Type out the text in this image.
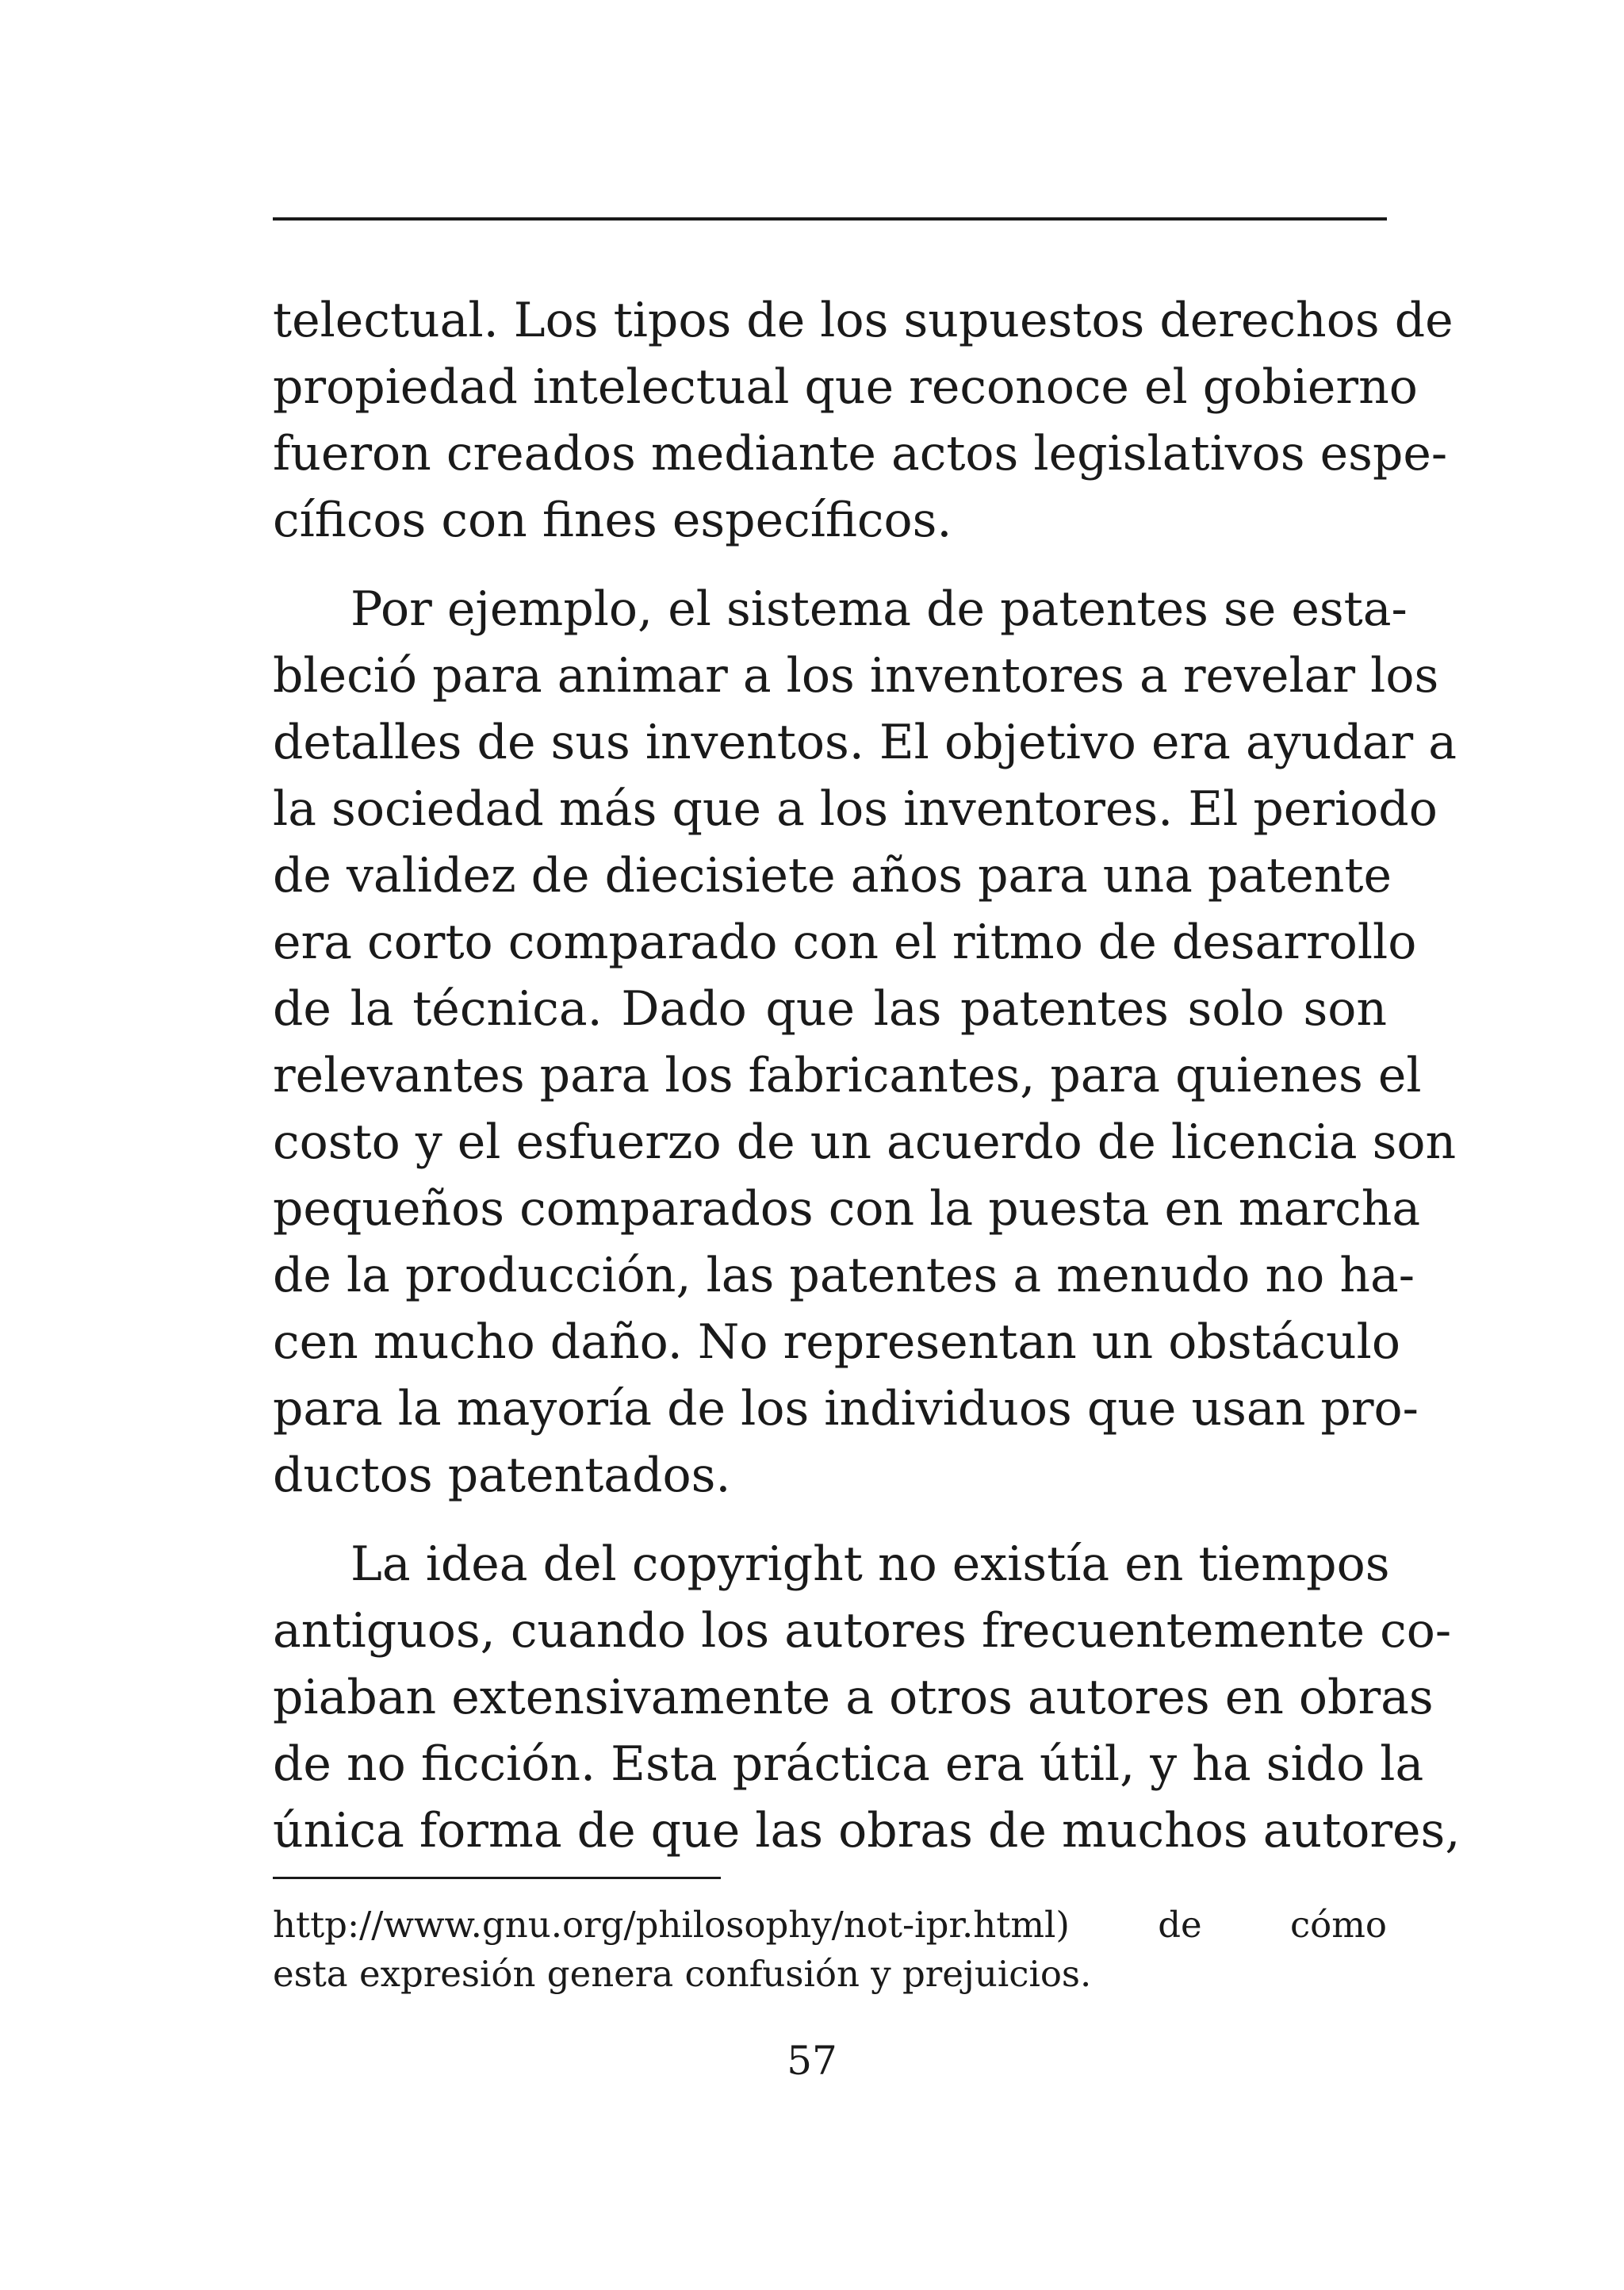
telectual. Los tipos de los supuestos derechos de
propiedad intelectual que reconoce el gobierno
fueron creados mediante actos legislativos espe-
cíficos con fines específicos.
Por ejemplo, el sistema de patentes se esta-
bleció para animar a los inventores a revelar los
detalles de sus inventos. El objetivo era ayudar a
la sociedad más que a los inventores. El periodo
de validez de diecisiete años para una patente
era corto comparado con el ritmo de desarrollo
de la técnica. Dado que las patentes solo son
relevantes para los fabricantes, para quienes el
costo y el esfuerzo de un acuerdo de licencia son
pequeños comparados con la puesta en marcha
de la producción, las patentes a menudo no ha-
cen mucho daño. No representan un obstáculo
para la mayoría de los individuos que usan pro-
ductos patentados.
La idea del copyright no existía en tiempos
antiguos, cuando los autores frecuentemente co-
piaban extensivamente a otros autores en obras
de no ficción. Esta práctica era útil, y ha sido la
única forma de que las obras de muchos autores,
http://www.gnu.org/philosophy/not-ipr.html) de cómo
esta expresión genera confusión y prejuicios.
57
